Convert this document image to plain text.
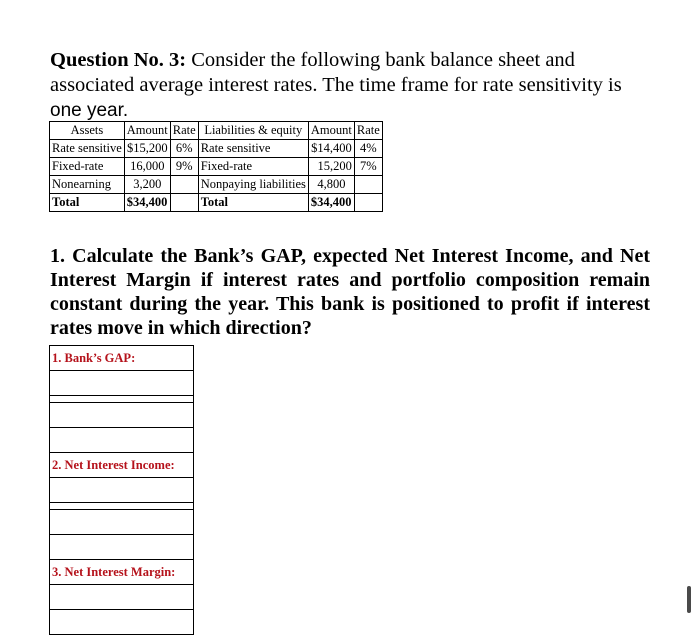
Question No. 3: Consider the following bank balance sheet and associated average interest rates. The time frame for rate sensitivity is
one year.
Assets	Amount	Rate	Liabilities & equity	Amount	Rate
Rate sensitive	$15,200	6%	Rate sensitive	$14,400	4%
Fixed-rate	16,000	9%	Fixed-rate	15,200	7%
Nonearning	3,200		Nonpaying liabilities	4,800	
Total	$34,400		Total	$34,400	
1. Calculate the Bank’s GAP, expected Net Interest Income, and Net Interest Margin if interest rates and portfolio composition remain constant during the year. This bank is positioned to profit if interest rates move in which direction?
1. Bank’s GAP:
2. Net Interest Income:
3. Net Interest Margin:
